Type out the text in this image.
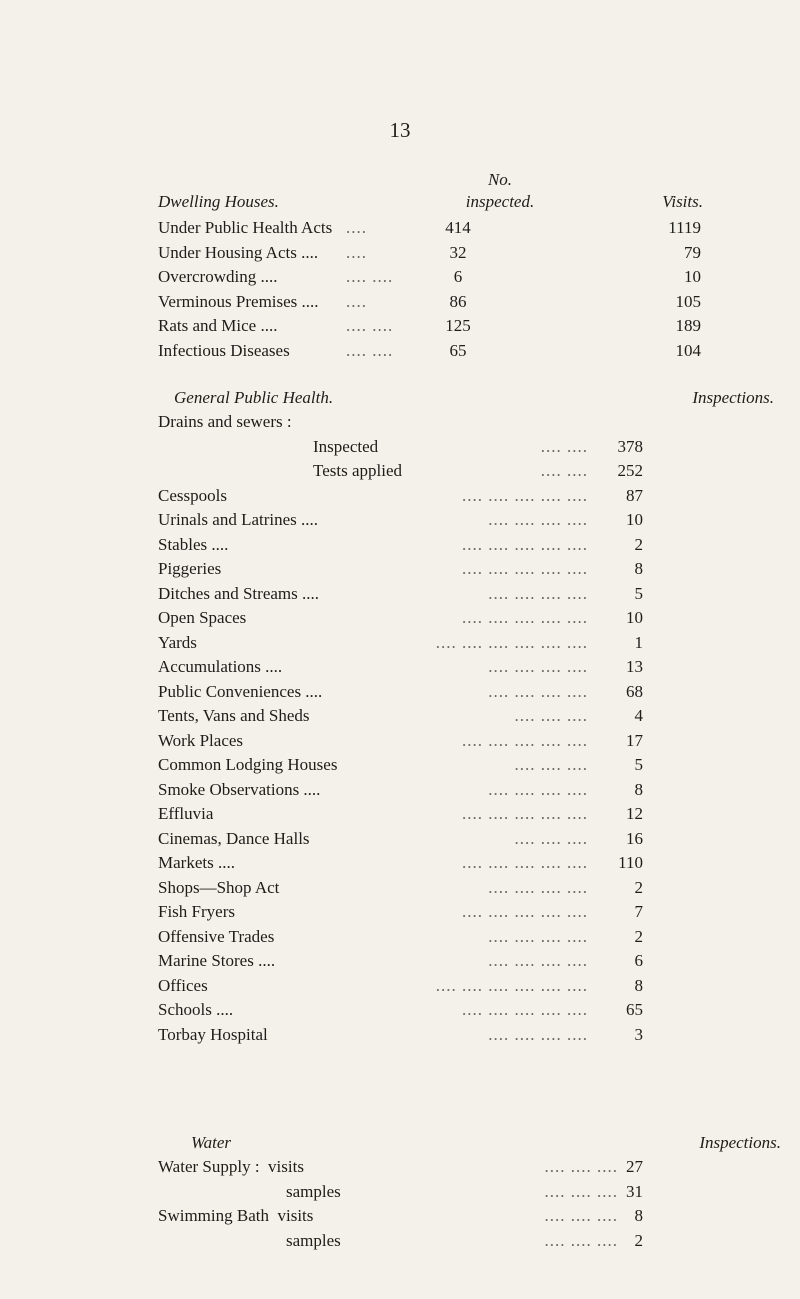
13
No.
Dwelling Houses.	inspected.	Visits.
Under Public Health Acts ....	414	1119
Under Housing Acts .... ....	32	79
Overcrowding ....	.... ....	6	10
Verminous Premises .... ....	86	105
Rats and Mice ....	.... ....	125	189
Infectious Diseases	.... ....	65	104
General Public Health.	Inspections.
Drains and sewers :
Inspected	.... ....	378
Tests applied	.... ....	252
Cesspools	.... .... .... .... ....	87
Urinals and Latrines ....	.... .... .... ....	10
Stables ....	.... .... .... .... ....	2
Piggeries	.... .... .... .... ....	8
Ditches and Streams ....	.... .... .... ....	5
Open Spaces	.... .... .... .... ....	10
Yards	.... .... .... .... .... ....	1
Accumulations ....	.... .... .... ....	13
Public Conveniences ....	.... .... .... ....	68
Tents, Vans and Sheds	.... .... ....	4
Work Places	.... .... .... .... ....	17
Common Lodging Houses	.... .... ....	5
Smoke Observations ....	.... .... .... ....	8
Effluvia	.... .... .... .... ....	12
Cinemas, Dance Halls	.... .... ....	16
Markets ....	.... .... .... .... ....	110
Shops—Shop Act	.... .... .... ....	2
Fish Fryers	.... .... .... .... ....	7
Offensive Trades	.... .... .... ....	2
Marine Stores ....	.... .... .... ....	6
Offices	.... .... .... .... .... ....	8
Schools ....	.... .... .... .... ....	65
Torbay Hospital	.... .... .... ....	3
Water	Inspections.
Water Supply :  visits	.... .... .... 27
samples	.... .... .... 31
Swimming Bath  visits	.... .... .... 8
samples	.... .... .... 2
